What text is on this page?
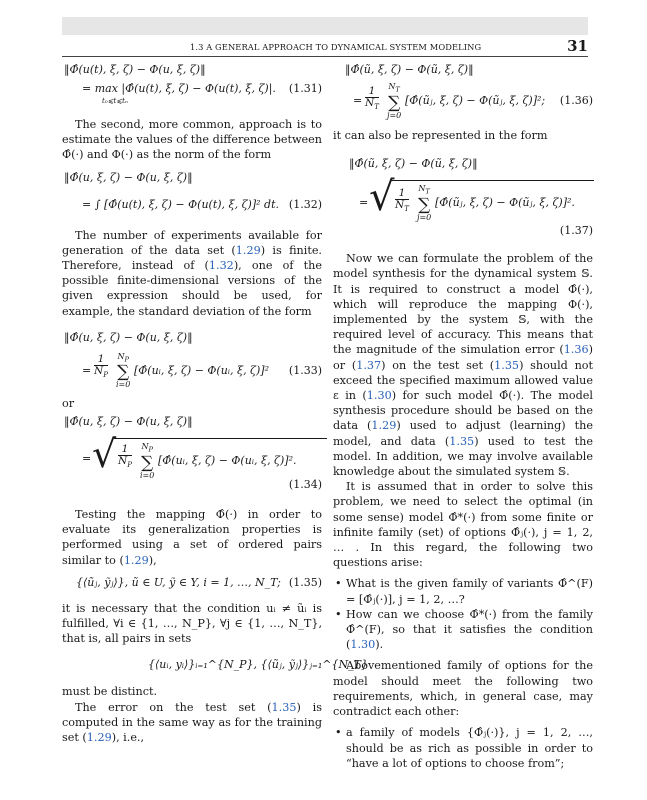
1.3 A GENERAL APPROACH TO DYNAMICAL SYSTEM MODELING	31
‖Φ̂(u(t), ξ, ζ) − Φ(u, ξ, ζ)‖
= max |Φ̂(u(t), ξ, ζ) − Φ(u(t), ξ, ζ)|. (1.31)
t₀⩽t⩽tₙ

The second, more common, approach is to estimate the values of the difference between Φ̂(·) and Φ(·) as the norm of the form

‖Φ̂(u, ξ, ζ) − Φ(u, ξ, ζ)‖
= ∫ [Φ̂(u(t), ξ, ζ) − Φ(u(t), ξ, ζ)]² dt. (1.32)

The number of experiments available for generation of the data set (1.29) is finite. Therefore, instead of (1.32), one of the possible finite-dimensional versions of the given expression should be used, for example, the standard deviation of the form

‖Φ̂(u, ξ, ζ) − Φ(u, ξ, ζ)‖
= $\frac{1}{N_P} N_P$
∑
i=0
[Φ̂(uᵢ, ξ, ζ) − Φ(uᵢ, ξ, ζ)]² (1.33)

or

‖Φ̂(u, ξ, ζ) − Φ(u, ξ, ζ)‖
= √ $\frac{1}{N_P} N_P$
∑
i=0
[Φ̂(uᵢ, ξ, ζ) − Φ(uᵢ, ξ, ζ)]².
(1.34)

Testing the mapping Φ̂(·) in order to evaluate its generalization properties is performed using a set of ordered pairs similar to (1.29),

{⟨ũⱼ, ỹⱼ⟩}, ũ ∈ U, ỹ ∈ Y, i = 1, …, N_T; (1.35)

it is necessary that the condition uᵢ ≠ ũᵢ is fulfilled, ∀i ∈ {1, …, N_P}, ∀j ∈ {1, …, N_T}, that is, all pairs in sets

{⟨uᵢ, yᵢ⟩}ᵢ₌₁^{N_P}, {⟨ũⱼ, ỹⱼ⟩}ⱼ₌₁^{N_T}

must be distinct.

The error on the test set (1.35) is computed in the same way as for the training set (1.29), i.e.,

‖Φ̂(ũ, ξ, ζ) − Φ(ũ, ξ, ζ)‖
= $\frac{1}{N_T} N_T$
∑
j=0
[Φ̂(ũⱼ, ξ, ζ) − Φ(ũⱼ, ξ, ζ)]²; (1.36)

it can also be represented in the form

‖Φ̂(ũ, ξ, ζ) − Φ(ũ, ξ, ζ)‖
= √ $\frac{1}{N_T} N_T$
∑
j=0
[Φ̂(ũⱼ, ξ, ζ) − Φ(ũⱼ, ξ, ζ)]².
(1.37)

Now we can formulate the problem of the model synthesis for the dynamical system 𝕊. It is required to construct a model Φ̂(·), which will reproduce the mapping Φ(·), implemented by the system 𝕊, with the required level of accuracy. This means that the magnitude of the simulation error (1.36) or (1.37) on the test set (1.35) should not exceed the specified maximum allowed value ε in (1.30) for such model Φ̂(·). The model synthesis procedure should be based on the data (1.29) used to adjust (learning) the model, and data (1.35) used to test the model. In addition, we may involve available knowledge about the simulated system 𝕊.

It is assumed that in order to solve this problem, we need to select the optimal (in some sense) model Φ̂*(·) from some finite or infinite family (set) of options Φ̂ⱼ(·), j = 1, 2, … . In this regard, the following two questions arise:

• What is the given family of variants Φ̂^(F) = [Φ̂ⱼ(·)], j = 1, 2, …?

• How can we choose Φ̂*(·) from the family Φ̂^(F), so that it satisfies the condition (1.30).

Abovementioned family of options for the model should meet the following two requirements, which, in general case, may contradict each other:

• a family of models {Φ̂ⱼ(·)}, j = 1, 2, …, should be as rich as possible in order to “have a lot of options to choose from”;
